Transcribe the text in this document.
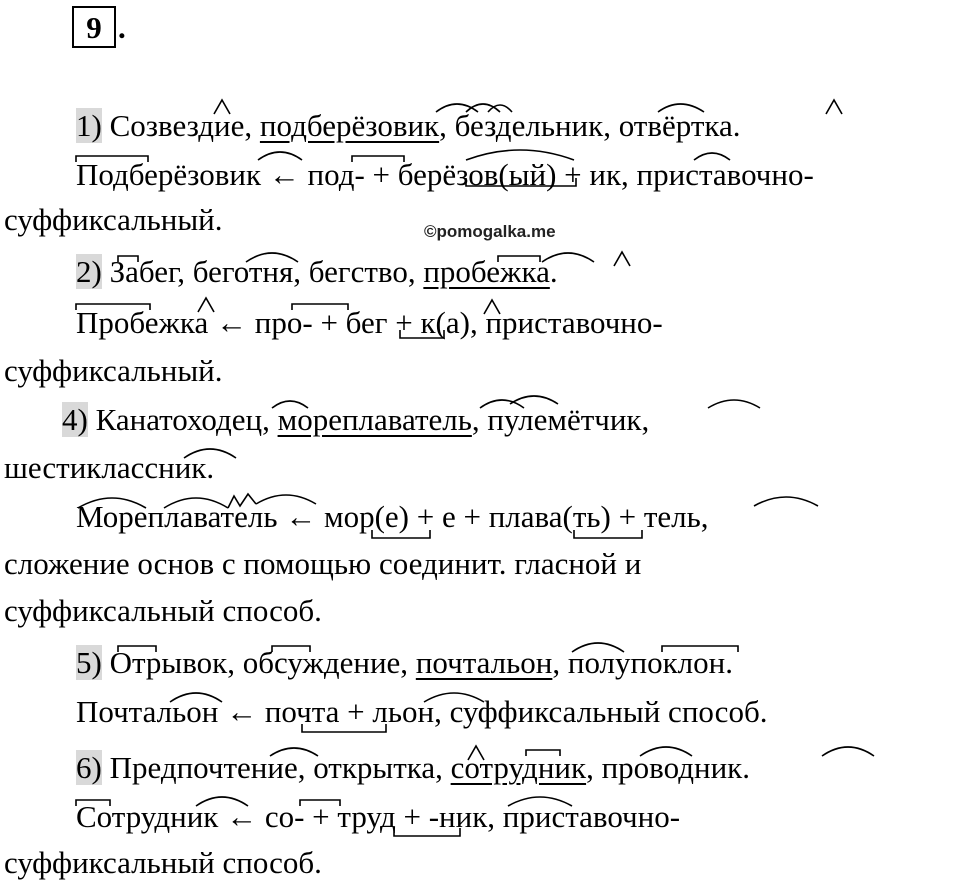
9 .
©pomogalka.me
1) Созвездие, подберёзовик, бездельник, отвёртка.
Подберёзовик ← под- + берёзов(ый) + ик, приставочно-
суффиксальный.
2) Забег, беготня, бегство, пробежка.
Пробежка ← про- + бег + к(а), приставочно-
суффиксальный.
4) Канатоходец, мореплаватель, пулемётчик,
шестиклассник.
Мореплаватель ← мор(е) + е + плава(ть) + тель,
сложение основ с помощью соединит. гласной и
суффиксальный способ.
5) Отрывок, обсуждение, почтальон, полупоклон.
Почтальон ← почта + льон, суффиксальный способ.
6) Предпочтение, открытка, сотрудник, проводник.
Сотрудник ← со- + труд + -ник, приставочно-
суффиксальный способ.
